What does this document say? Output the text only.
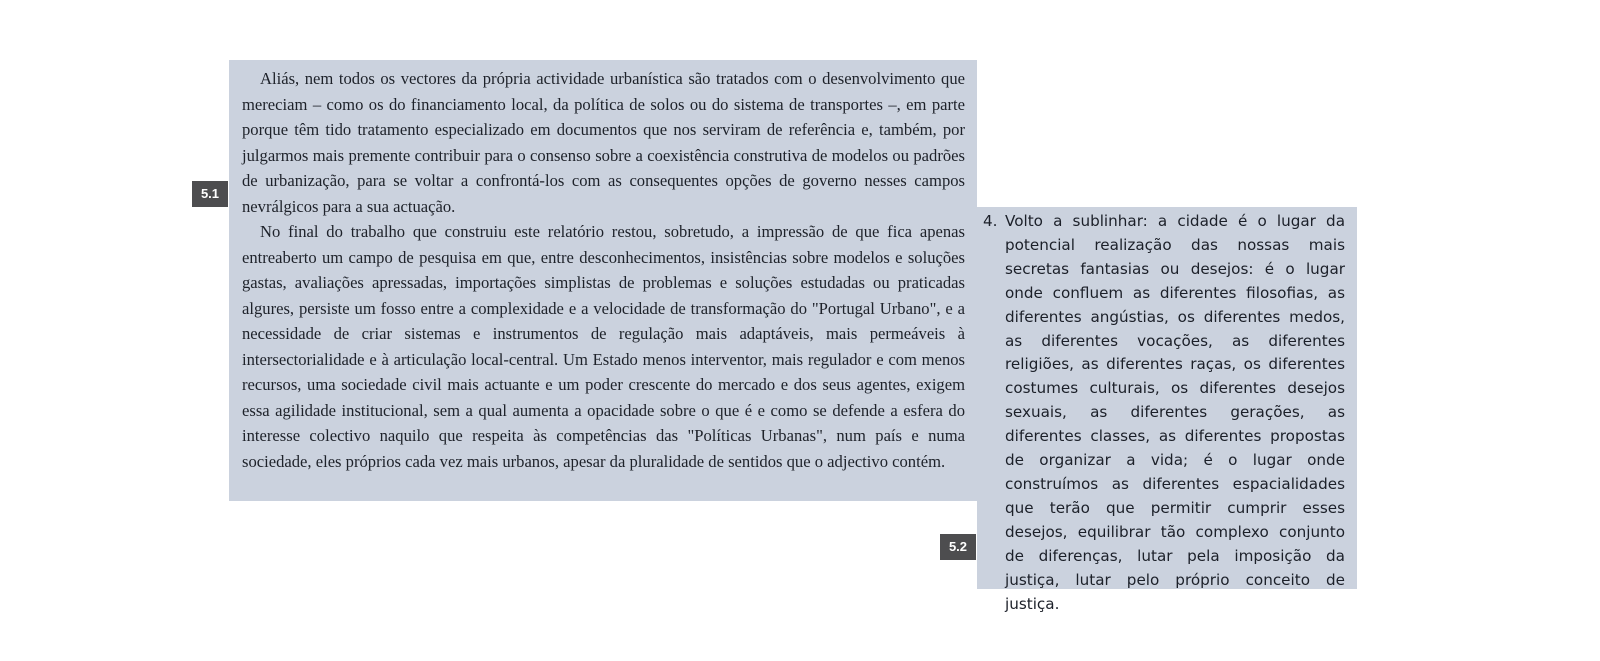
Aliás, nem todos os vectores da própria actividade urbanística são tratados com o desenvolvimento que mereciam – como os do financiamento local, da política de solos ou do sistema de transportes –, em parte porque têm tido tratamento especializado em documentos que nos serviram de referência e, também, por julgarmos mais premente contribuir para o consenso sobre a coexistência construtiva de modelos ou padrões de urbanização, para se voltar a confrontá-los com as consequentes opções de governo nesses campos nevrálgicos para a sua actuação.

No final do trabalho que construiu este relatório restou, sobretudo, a impressão de que fica apenas entreaberto um campo de pesquisa em que, entre desconhecimentos, insistências sobre modelos e soluções gastas, avaliações apressadas, importações simplistas de problemas e soluções estudadas ou praticadas algures, persiste um fosso entre a complexidade e a velocidade de transformação do "Portugal Urbano", e a necessidade de criar sistemas e instrumentos de regulação mais adaptáveis, mais permeáveis à intersectorialidade e à articulação local-central. Um Estado menos interventor, mais regulador e com menos recursos, uma sociedade civil mais actuante e um poder crescente do mercado e dos seus agentes, exigem essa agilidade institucional, sem a qual aumenta a opacidade sobre o que é e como se defende a esfera do interesse colectivo naquilo que respeita às competências das "Políticas Urbanas", num país e numa sociedade, eles próprios cada vez mais urbanos, apesar da pluralidade de sentidos que o adjectivo contém.

5.1
4. Volto a sublinhar: a cidade é o lugar da potencial realização das nossas mais secretas fantasias ou desejos: é o lugar onde confluem as diferentes filosofias, as diferentes angústias, os diferentes medos, as diferentes vocações, as diferentes religiões, as diferentes raças, os diferentes costumes culturais, os diferentes desejos sexuais, as diferentes gerações, as diferentes classes, as diferentes propostas de organizar a vida; é o lugar onde construímos as diferentes espacialidades que terão que permitir cumprir esses desejos, equilibrar tão complexo conjunto de diferenças, lutar pela imposição da justiça, lutar pelo próprio conceito de justiça.
5.2
